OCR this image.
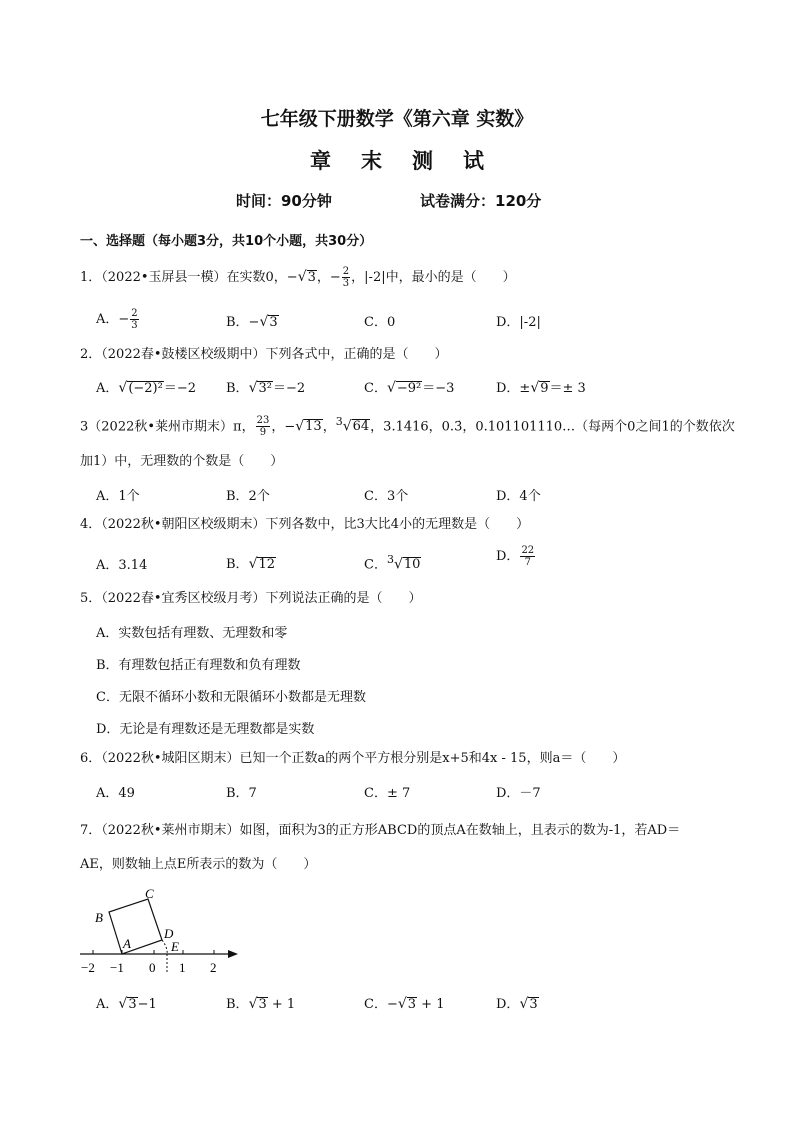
七年级下册数学《第六章 实数》
章末测试
时间：90分钟	试卷满分：120分
一、选择题（每小题3分，共10个小题，共30分）
1．（2022•玉屏县一模）在实数0，−√3，− $\frac{2}{3}$ ，|-2|中，最小的是（　　）
A．− $\frac{2}{3}$	B．−√3	C．0	D．|-2|
2．（2022春•鼓楼区校级期中）下列各式中，正确的是（　　）
A．√(−2)²＝−2 B．√3²＝−2	C．√−9²＝−3	D．±√9＝± 3
3（2022秋•莱州市期末）π， $\frac{23}{9}$ ，−√13，$^3$√64，3.1416，0.3̇，0.101101110…（每两个0之间1的个数依次
加1）中，无理数的个数是（　　）
A．1个	B．2个	C．3个	D．4个
4．（2022秋•朝阳区校级期末）下列各数中，比3大比4小的无理数是（　　）
A．3.14	B．√12	C．$^3$√10
D． $\frac{22}{7}$
5．（2022春•宜秀区校级月考）下列说法正确的是（　　）
A．实数包括有理数、无理数和零
B．有理数包括正有理数和负有理数
C．无限不循环小数和无限循环小数都是无理数
D．无论是有理数还是无理数都是实数
6．（2022秋•城阳区期末）已知一个正数a的两个平方根分别是x+5和4x - 15，则a＝（　　）
A．49	B．7	C．± 7	D．－7
7．（2022秋•莱州市期末）如图，面积为3的正方形ABCD的顶点A在数轴上，且表示的数为-1，若AD＝
AE，则数轴上点E所表示的数为（　　）
B
C
A
D
E
−2 −1 0 1 2
A．√3−1	B．√3 + 1	C．−√3 + 1	D．√3
